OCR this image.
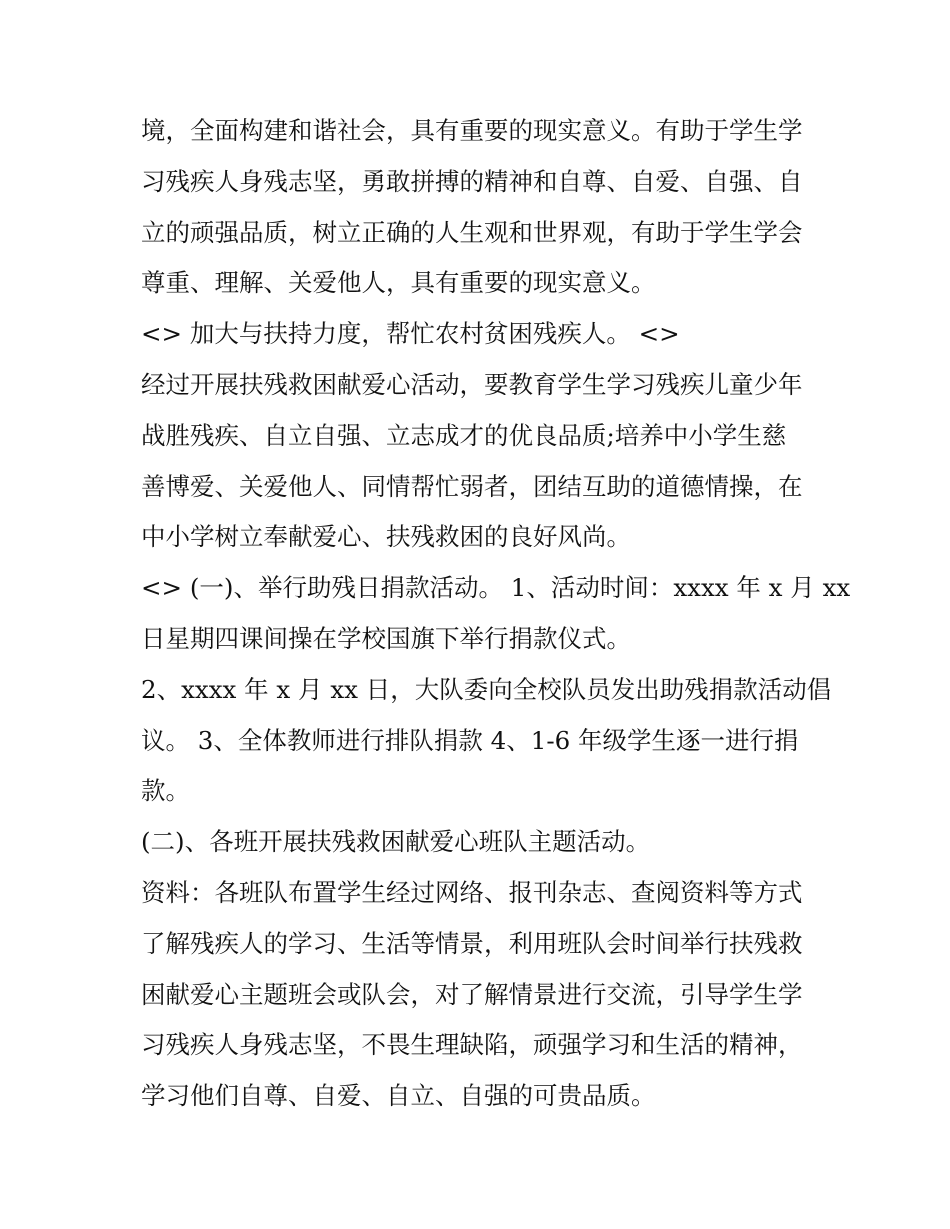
境，全面构建和谐社会，具有重要的现实意义。有助于学生学
习残疾人身残志坚，勇敢拼搏的精神和自尊、自爱、自强、自
立的顽强品质，树立正确的人生观和世界观，有助于学生学会
尊重、理解、关爱他人，具有重要的现实意义。
<> 加大与扶持力度，帮忙农村贫困残疾人。 <>
经过开展扶残救困献爱心活动，要教育学生学习残疾儿童少年
战胜残疾、自立自强、立志成才的优良品质;培养中小学生慈
善博爱、关爱他人、同情帮忙弱者，团结互助的道德情操，在
中小学树立奉献爱心、扶残救困的良好风尚。
<> (一)、举行助残日捐款活动。 1、活动时间：xxxx 年 x 月 xx
日星期四课间操在学校国旗下举行捐款仪式。
2、xxxx 年 x 月 xx 日，大队委向全校队员发出助残捐款活动倡
议。 3、全体教师进行排队捐款 4、1-6 年级学生逐一进行捐
款。
(二)、各班开展扶残救困献爱心班队主题活动。
资料：各班队布置学生经过网络、报刊杂志、查阅资料等方式
了解残疾人的学习、生活等情景，利用班队会时间举行扶残救
困献爱心主题班会或队会，对了解情景进行交流，引导学生学
习残疾人身残志坚，不畏生理缺陷，顽强学习和生活的精神，
学习他们自尊、自爱、自立、自强的可贵品质。
